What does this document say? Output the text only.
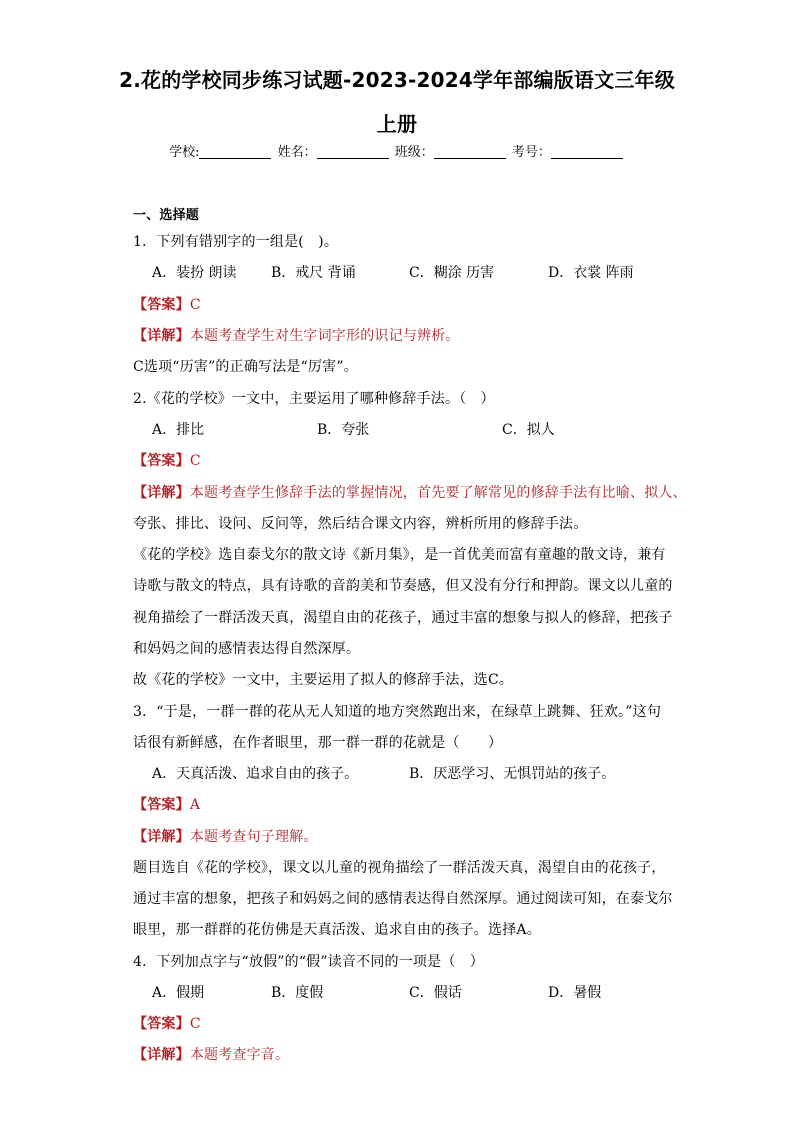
2.花的学校同步练习试题-2023-2024学年部编版语文三年级
上册
学校:	姓名：	班级：	考号：
一、选择题
1．下列有错别字的一组是(　)。
A．装扮 朗读 B．戒尺 背诵	C．糊涂 历害	D．衣裳 阵雨
【答案】C
【详解】本题考查学生对生字词字形的识记与辨析。
C选项“历害”的正确写法是“厉害”。
2.《花的学校》一文中，主要运用了哪种修辞手法。（　）
A．排比	B．夸张	C．拟人
【答案】C
【详解】本题考查学生修辞手法的掌握情况，首先要了解常见的修辞手法有比喻、拟人、
夸张、排比、设问、反问等，然后结合课文内容，辨析所用的修辞手法。
《花的学校》选自泰戈尔的散文诗《新月集》，是一首优美而富有童趣的散文诗，兼有
诗歌与散文的特点，具有诗歌的音韵美和节奏感，但又没有分行和押韵。课文以儿童的
视角描绘了一群活泼天真，渴望自由的花孩子，通过丰富的想象与拟人的修辞，把孩子
和妈妈之间的感情表达得自然深厚。
故《花的学校》一文中，主要运用了拟人的修辞手法，选C。
3．“于是，一群一群的花从无人知道的地方突然跑出来，在绿草上跳舞、狂欢。”这句
话很有新鲜感，在作者眼里，那一群一群的花就是（　　）
A．天真活泼、追求自由的孩子。	B．厌恶学习、无惧罚站的孩子。
【答案】A
【详解】本题考查句子理解。
题目选自《花的学校》，课文以儿童的视角描绘了一群活泼天真，渴望自由的花孩子，
通过丰富的想象，把孩子和妈妈之间的感情表达得自然深厚。通过阅读可知，在泰戈尔
眼里，那一群群的花仿佛是天真活泼、追求自由的孩子。选择A。
4．下列加点字与“放假”的“假”读音不同的一项是（　）
A．假期	B．度假	C．假话	D．暑假
【答案】C
【详解】本题考查字音。
